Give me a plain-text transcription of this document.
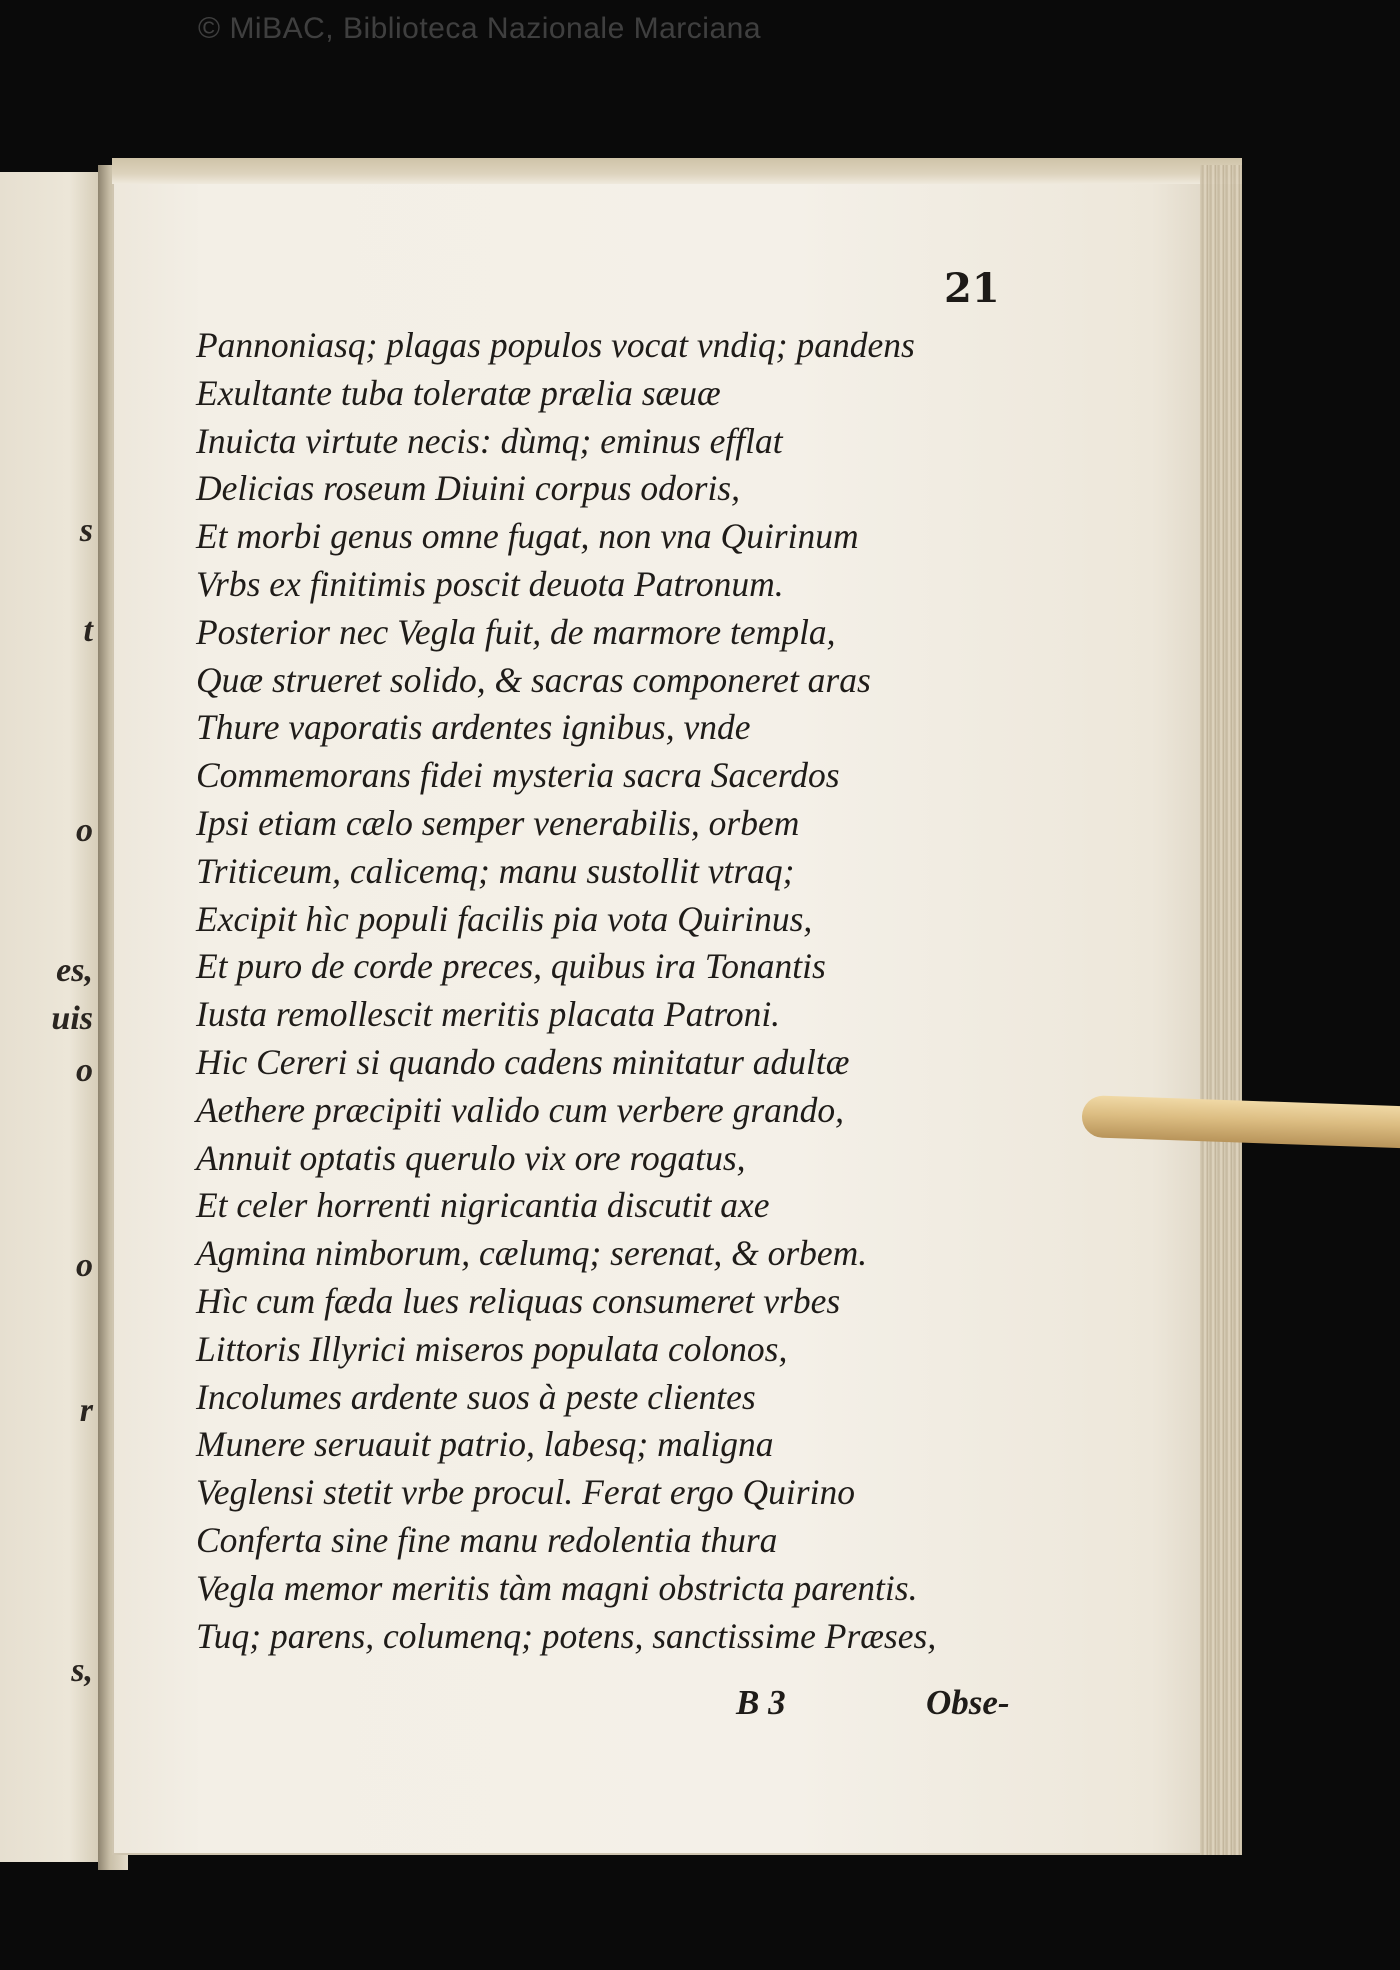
© MiBAC, Biblioteca Nazionale Marciana
s
t
o
es,
uis
o
o
r
s,
21
Pannoniasq; plagas populos vocat vndiq; pandens
Exultante tuba toleratæ prælia sæuæ
Inuicta virtute necis: dùmq; eminus efflat
Delicias roseum Diuini corpus odoris,
Et morbi genus omne fugat, non vna Quirinum
Vrbs ex finitimis poscit deuota Patronum.
Posterior nec Vegla fuit, de marmore templa,
Quæ strueret solido, & sacras componeret aras
Thure vaporatis ardentes ignibus, vnde
Commemorans fidei mysteria sacra Sacerdos
Ipsi etiam cælo semper venerabilis, orbem
Triticeum, calicemq; manu sustollit vtraq;
Excipit hìc populi facilis pia vota Quirinus,
Et puro de corde preces, quibus ira Tonantis
Iusta remollescit meritis placata Patroni.
Hic Cereri si quando cadens minitatur adultæ
Aethere præcipiti valido cum verbere grando,
Annuit optatis querulo vix ore rogatus,
Et celer horrenti nigricantia discutit axe
Agmina nimborum, cælumq; serenat, & orbem.
Hìc cum fæda lues reliquas consumeret vrbes
Littoris Illyrici miseros populata colonos,
Incolumes ardente suos à peste clientes
Munere seruauit patrio, labesq; maligna
Veglensi stetit vrbe procul. Ferat ergo Quirino
Conferta sine fine manu redolentia thura
Vegla memor meritis tàm magni obstricta parentis.
Tuq; parens, columenq; potens, sanctissime Præses,
B 3	Obse-
